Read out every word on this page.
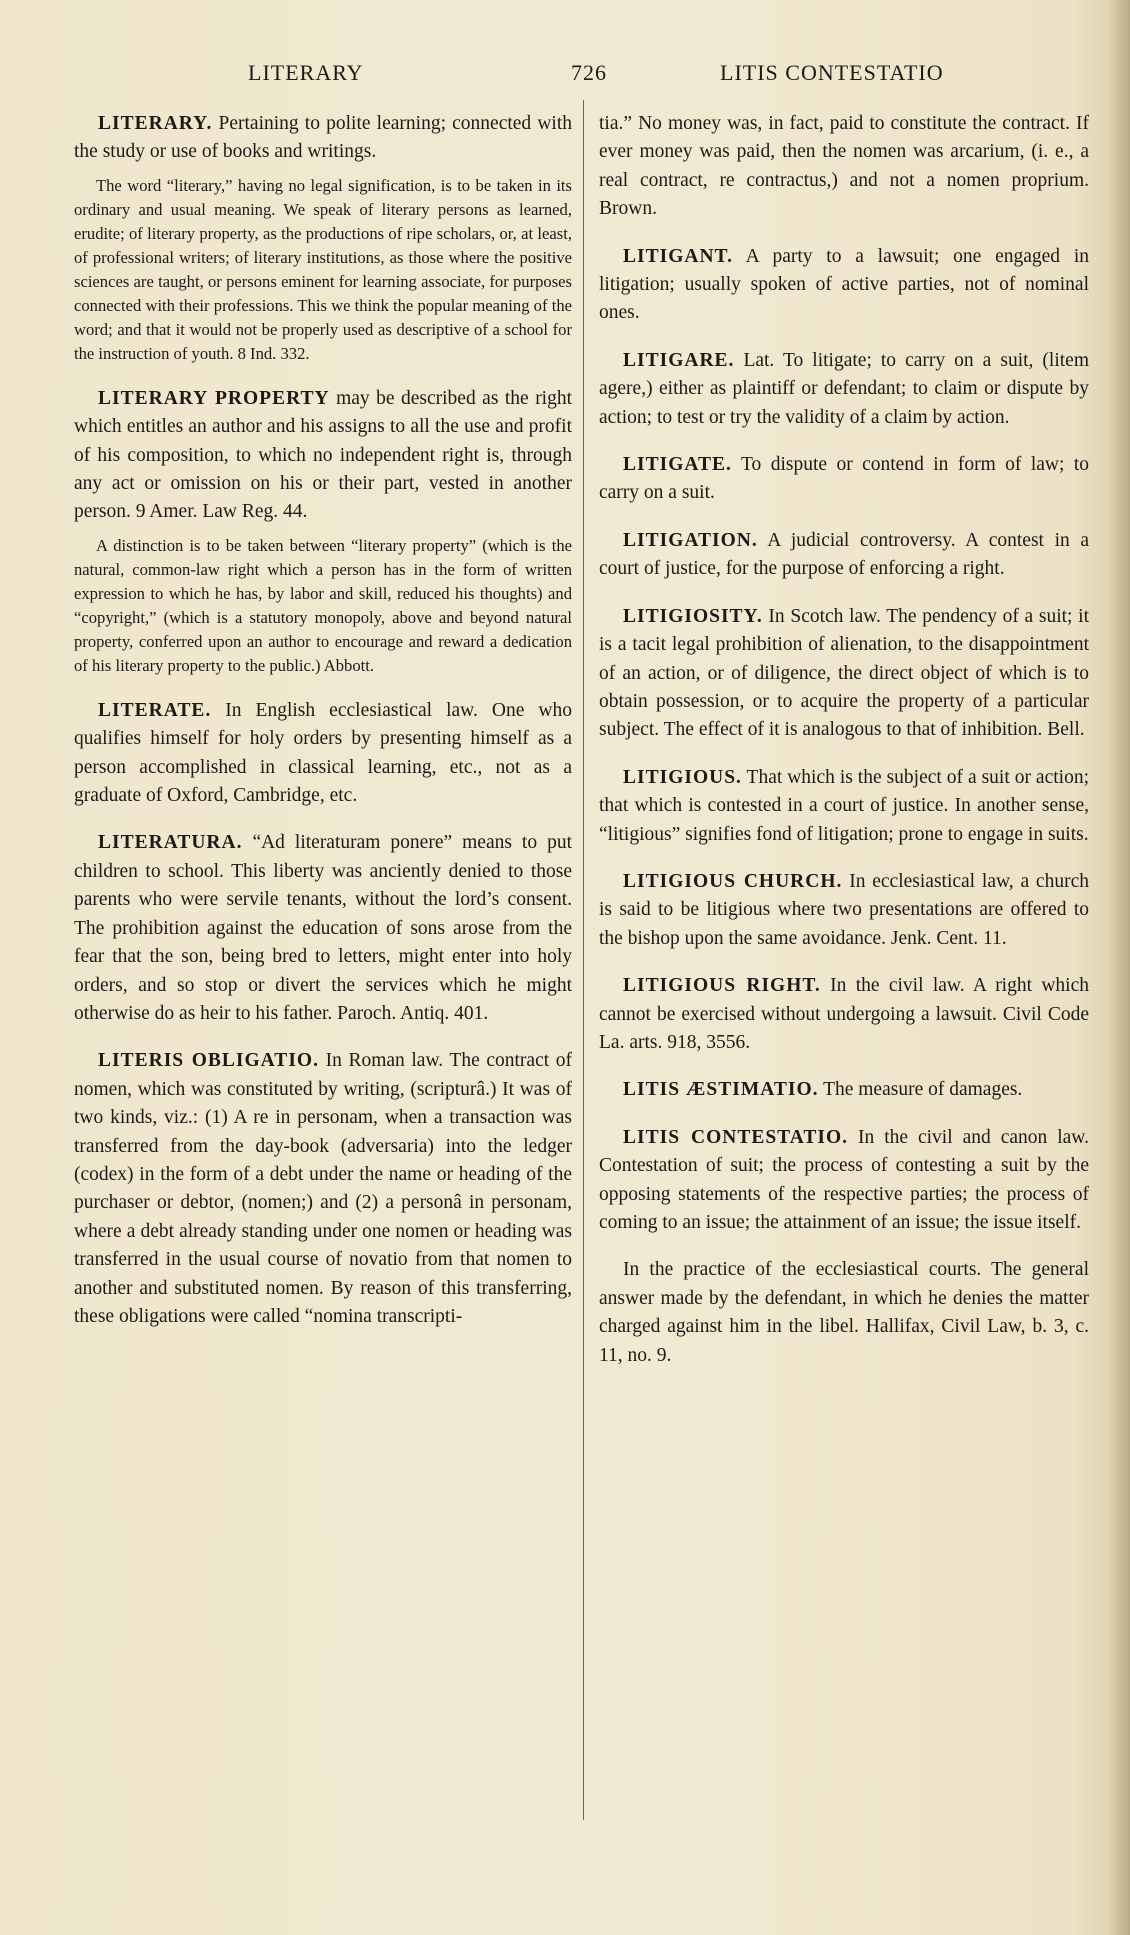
LITERARY	726	LITIS CONTESTATIO

LITERARY. Pertaining to polite learning; connected with the study or use of books and writings.

The word “literary,” having no legal signification, is to be taken in its ordinary and usual meaning. We speak of literary persons as learned, erudite; of literary property, as the productions of ripe scholars, or, at least, of professional writers; of literary institutions, as those where the positive sciences are taught, or persons eminent for learning associate, for purposes connected with their professions. This we think the popular meaning of the word; and that it would not be properly used as descriptive of a school for the instruction of youth. 8 Ind. 332.

LITERARY PROPERTY may be described as the right which entitles an author and his assigns to all the use and profit of his composition, to which no independent right is, through any act or omission on his or their part, vested in another person. 9 Amer. Law Reg. 44.

A distinction is to be taken between “literary property” (which is the natural, common-law right which a person has in the form of written expression to which he has, by labor and skill, reduced his thoughts) and “copyright,” (which is a statutory monopoly, above and beyond natural property, conferred upon an author to encourage and reward a dedication of his literary property to the public.) Abbott.

LITERATE. In English ecclesiastical law. One who qualifies himself for holy orders by presenting himself as a person accomplished in classical learning, etc., not as a graduate of Oxford, Cambridge, etc.

LITERATURA. “Ad literaturam ponere” means to put children to school. This liberty was anciently denied to those parents who were servile tenants, without the lord’s consent. The prohibition against the education of sons arose from the fear that the son, being bred to letters, might enter into holy orders, and so stop or divert the services which he might otherwise do as heir to his father. Paroch. Antiq. 401.

LITERIS OBLIGATIO. In Roman law. The contract of nomen, which was constituted by writing, (scripturâ.) It was of two kinds, viz.: (1) A re in personam, when a transaction was transferred from the day-book (adversaria) into the ledger (codex) in the form of a debt under the name or heading of the purchaser or debtor, (nomen;) and (2) a personâ in personam, where a debt already standing under one nomen or heading was transferred in the usual course of novatio from that nomen to another and substituted nomen. By reason of this transferring, these obligations were called “nomina transcripti-

tia.” No money was, in fact, paid to constitute the contract. If ever money was paid, then the nomen was arcarium, (i. e., a real contract, re contractus,) and not a nomen proprium. Brown.

LITIGANT. A party to a lawsuit; one engaged in litigation; usually spoken of active parties, not of nominal ones.

LITIGARE. Lat. To litigate; to carry on a suit, (litem agere,) either as plaintiff or defendant; to claim or dispute by action; to test or try the validity of a claim by action.

LITIGATE. To dispute or contend in form of law; to carry on a suit.

LITIGATION. A judicial controversy. A contest in a court of justice, for the purpose of enforcing a right.

LITIGIOSITY. In Scotch law. The pendency of a suit; it is a tacit legal prohibition of alienation, to the disappointment of an action, or of diligence, the direct object of which is to obtain possession, or to acquire the property of a particular subject. The effect of it is analogous to that of inhibition. Bell.

LITIGIOUS. That which is the subject of a suit or action; that which is contested in a court of justice. In another sense, “litigious” signifies fond of litigation; prone to engage in suits.

LITIGIOUS CHURCH. In ecclesiastical law, a church is said to be litigious where two presentations are offered to the bishop upon the same avoidance. Jenk. Cent. 11.

LITIGIOUS RIGHT. In the civil law. A right which cannot be exercised without undergoing a lawsuit. Civil Code La. arts. 918, 3556.

LITIS ÆSTIMATIO. The measure of damages.

LITIS CONTESTATIO. In the civil and canon law. Contestation of suit; the process of contesting a suit by the opposing statements of the respective parties; the process of coming to an issue; the attainment of an issue; the issue itself.

In the practice of the ecclesiastical courts. The general answer made by the defendant, in which he denies the matter charged against him in the libel. Hallifax, Civil Law, b. 3, c. 11, no. 9.
